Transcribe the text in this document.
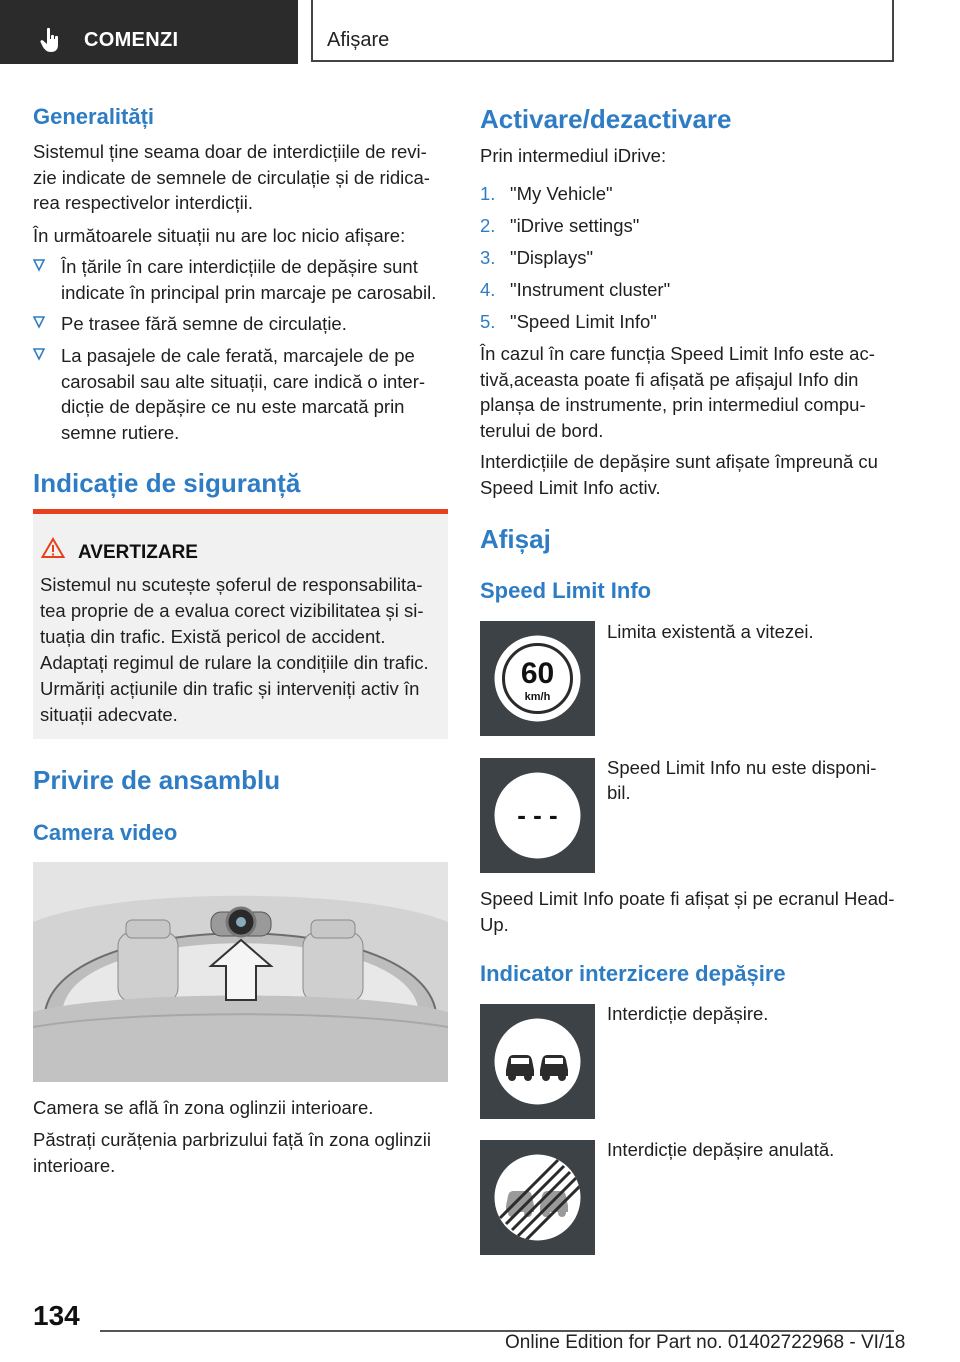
COMENZI	Afișare
Generalități
Sistemul ține seama doar de interdicțiile de revi‐ zie indicate de semnele de circulație și de ridica‐ rea respectivelor interdicții.
În următoarele situații nu are loc nicio afișare:
În țările în care interdicțiile de depășire sunt indicate în principal prin marcaje pe carosabil.
Pe trasee fără semne de circulație.
La pasajele de cale ferată, marcajele de pe carosabil sau alte situații, care indică o inter‐ dicție de depășire ce nu este marcată prin semne rutiere.
Indicație de siguranță
AVERTIZARE
Sistemul nu scutește șoferul de responsabilita‐ tea proprie de a evalua corect vizibilitatea și si‐ tuația din trafic. Există pericol de accident. Adaptați regimul de rulare la condițiile din trafic. Urmăriți acțiunile din trafic și interveniți activ în situații adecvate.
Privire de ansamblu
Camera video
Camera se află în zona oglinzii interioare.
Păstrați curățenia parbrizului față în zona oglinzii interioare.
Activare/dezactivare
Prin intermediul iDrive:
1. "My Vehicle"
2. "iDrive settings"
3. "Displays"
4. "Instrument cluster"
5. "Speed Limit Info"
În cazul în care funcția Speed Limit Info este ac‐ tivă,aceasta poate fi afișată pe afișajul Info din planșa de instrumente, prin intermediul compu‐ terului de bord.
Interdicțiile de depășire sunt afișate împreună cu Speed Limit Info activ.
Afișaj
Speed Limit Info
60
km/h
Limita existentă a vitezei.
- - -
Speed Limit Info nu este disponi‐ bil.
Speed Limit Info poate fi afișat și pe ecranul Head-Up.
Indicator interzicere depășire
Interdicție depășire.
Interdicție depășire anulată.
134
Online Edition for Part no. 01402722968 - VI/18
